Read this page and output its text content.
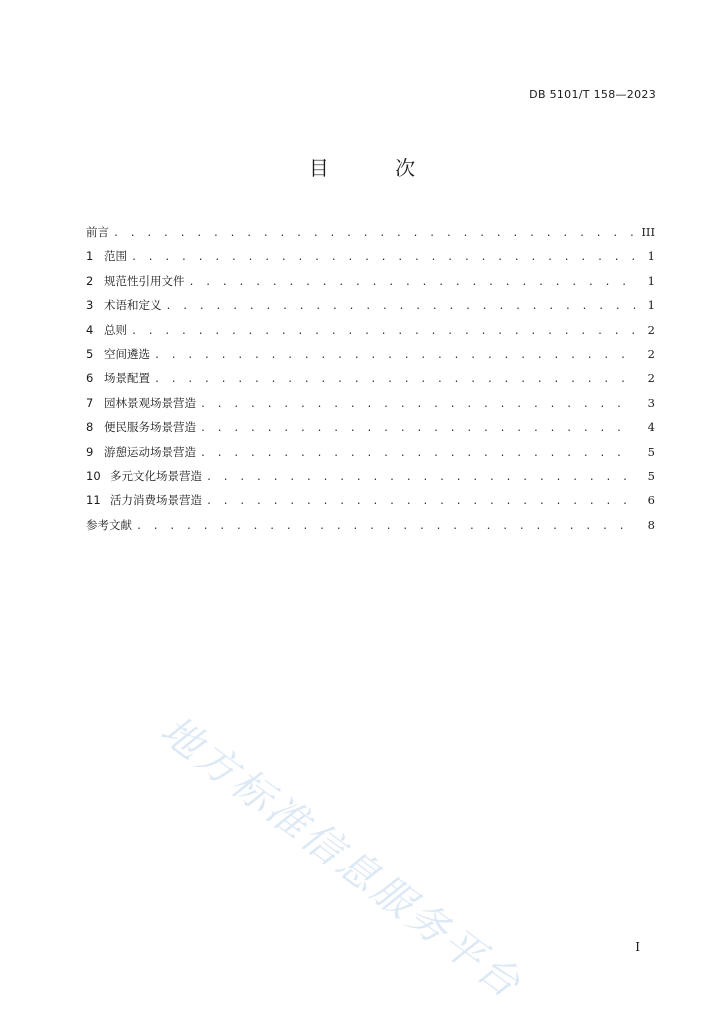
DB 5101/T 158—2023
目 次
前言 . . .	III
1 范围 . . .	1
2 规范性引用文件 . . .	1
3 术语和定义 . . .	1
4 总则 . . .	2
5 空间遴选 . . .	2
6 场景配置 . . .	2
7 园林景观场景营造 . . .	3
8 便民服务场景营造 . . .	4
9 游憩运动场景营造 . . .	5
10 多元文化场景营造 . . .	5
11 活力消费场景营造 . . .	6
参考文献 . . .	8
地方标准信息服务平台	I
